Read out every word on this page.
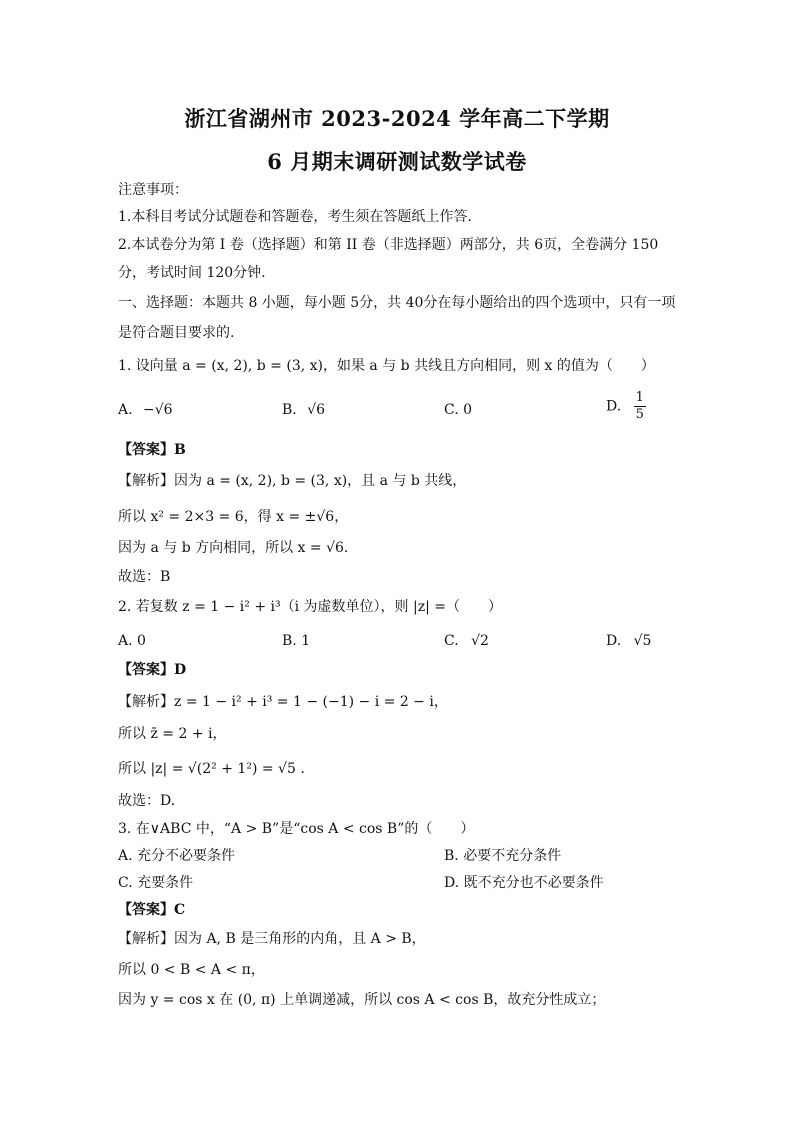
浙江省湖州市 2023-2024 学年高二下学期
6 月期末调研测试数学试卷
注意事项：
1.本科目考试分试题卷和答题卷，考生须在答题纸上作答.
2.本试卷分为第 I 卷（选择题）和第 II 卷（非选择题）两部分，共 6页，全卷满分 150
分，考试时间 120分钟.
一、选择题：本题共 8 小题，每小题 5分，共 40分在每小题给出的四个选项中，只有一项
是符合题目要求的.
1. 设向量 a = (x, 2), b = (3, x)，如果 a 与 b 共线且方向相同，则 x 的值为（　　）
A. −√6	B. √6	C. 0	D. $\frac{1}{5}$
【答案】B
【解析】因为 a = (x, 2), b = (3, x)，且 a 与 b 共线，
所以 x² = 2×3 = 6，得 x = ±√6，
因为 a 与 b 方向相同，所以 x = √6.
故选：B
2. 若复数 z = 1 − i² + i³（i 为虚数单位），则 |z| =（　　）
A. 0	B. 1	C. √2	D. √5
【答案】D
【解析】z = 1 − i² + i³ = 1 − (−1) − i = 2 − i，
所以 z̄ = 2 + i，
所以 |z| = √(2² + 1²) = √5 .
故选：D.
3. 在∨ABC 中，“A > B”是“cos A < cos B”的（　　）
A. 充分不必要条件	B. 必要不充分条件
C. 充要条件	D. 既不充分也不必要条件
【答案】C
【解析】因为 A, B 是三角形的内角，且 A > B，
所以 0 < B < A < π，
因为 y = cos x 在 (0, π) 上单调递减，所以 cos A < cos B，故充分性成立；
